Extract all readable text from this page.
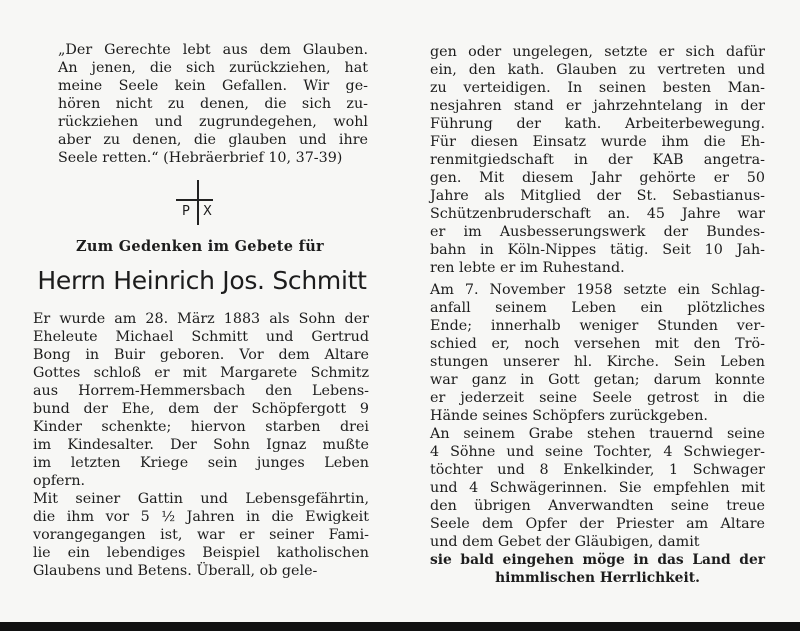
„Der Gerechte lebt aus dem Glauben.
An jenen, die sich zurückziehen, hat
meine Seele kein Gefallen. Wir ge-
hören nicht zu denen, die sich zu-
rückziehen und zugrundegehen, wohl
aber zu denen, die glauben und ihre
Seele retten.“ (Hebräerbrief 10, 37-39)
P X
Zum Gedenken im Gebete für
Herrn Heinrich Jos. Schmitt
Er wurde am 28. März 1883 als Sohn der
Eheleute Michael Schmitt und Gertrud
Bong in Buir geboren. Vor dem Altare
Gottes schloß er mit Margarete Schmitz
aus Horrem-Hemmersbach den Lebens-
bund der Ehe, dem der Schöpfergott 9
Kinder schenkte; hiervon starben drei
im Kindesalter. Der Sohn Ignaz mußte
im letzten Kriege sein junges Leben
opfern.
Mit seiner Gattin und Lebensgefährtin,
die ihm vor 5 ½ Jahren in die Ewigkeit
vorangegangen ist, war er seiner Fami-
lie ein lebendiges Beispiel katholischen
Glaubens und Betens. Überall, ob gele-
gen oder ungelegen, setzte er sich dafür
ein, den kath. Glauben zu vertreten und
zu verteidigen. In seinen besten Man-
nesjahren stand er jahrzehntelang in der
Führung der kath. Arbeiterbewegung.
Für diesen Einsatz wurde ihm die Eh-
renmitgiedschaft in der KAB angetra-
gen. Mit diesem Jahr gehörte er 50
Jahre als Mitglied der St. Sebastianus-
Schützenbruderschaft an. 45 Jahre war
er im Ausbesserungswerk der Bundes-
bahn in Köln-Nippes tätig. Seit 10 Jah-
ren lebte er im Ruhestand.
Am 7. November 1958 setzte ein Schlag-
anfall seinem Leben ein plötzliches
Ende; innerhalb weniger Stunden ver-
schied er, noch versehen mit den Trö-
stungen unserer hl. Kirche. Sein Leben
war ganz in Gott getan; darum konnte
er jederzeit seine Seele getrost in die
Hände seines Schöpfers zurückgeben.
An seinem Grabe stehen trauernd seine
4 Söhne und seine Tochter, 4 Schwieger-
töchter und 8 Enkelkinder, 1 Schwager
und 4 Schwägerinnen. Sie empfehlen mit
den übrigen Anverwandten seine treue
Seele dem Opfer der Priester am Altare
und dem Gebet der Gläubigen, damit
sie bald eingehen möge in das Land der
himmlischen Herrlichkeit.
